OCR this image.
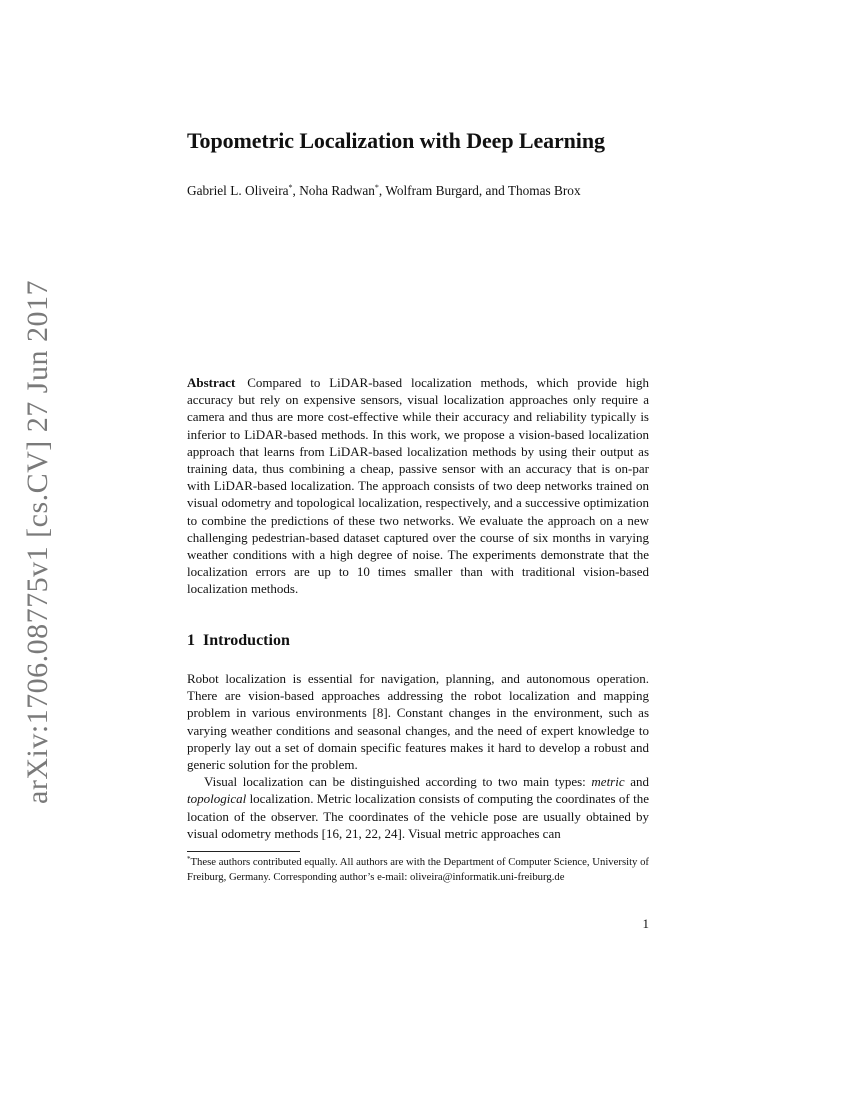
arXiv:1706.08775v1 [cs.CV] 27 Jun 2017
Topometric Localization with Deep Learning
Gabriel L. Oliveira*, Noha Radwan*, Wolfram Burgard, and Thomas Brox

Abstract Compared to LiDAR-based localization methods, which provide high accuracy but rely on expensive sensors, visual localization approaches only require a camera and thus are more cost-effective while their accuracy and reliability typically is inferior to LiDAR-based methods. In this work, we propose a vision-based localization approach that learns from LiDAR-based localization methods by using their output as training data, thus combining a cheap, passive sensor with an accuracy that is on-par with LiDAR-based localization. The approach consists of two deep networks trained on visual odometry and topological localization, respectively, and a successive optimization to combine the predictions of these two networks. We evaluate the approach on a new challenging pedestrian-based dataset captured over the course of six months in varying weather conditions with a high degree of noise. The experiments demonstrate that the localization errors are up to 10 times smaller than with traditional vision-based localization methods.

1 Introduction

Robot localization is essential for navigation, planning, and autonomous operation. There are vision-based approaches addressing the robot localization and mapping problem in various environments [8]. Constant changes in the environment, such as varying weather conditions and seasonal changes, and the need of expert knowledge to properly lay out a set of domain specific features makes it hard to develop a robust and generic solution for the problem.

Visual localization can be distinguished according to two main types: metric and topological localization. Metric localization consists of computing the coordinates of the location of the observer. The coordinates of the vehicle pose are usually obtained by visual odometry methods [16, 21, 22, 24]. Visual metric approaches can

*These authors contributed equally. All authors are with the Department of Computer Science, University of Freiburg, Germany. Corresponding author’s e-mail: oliveira@informatik.uni-freiburg.de

1
